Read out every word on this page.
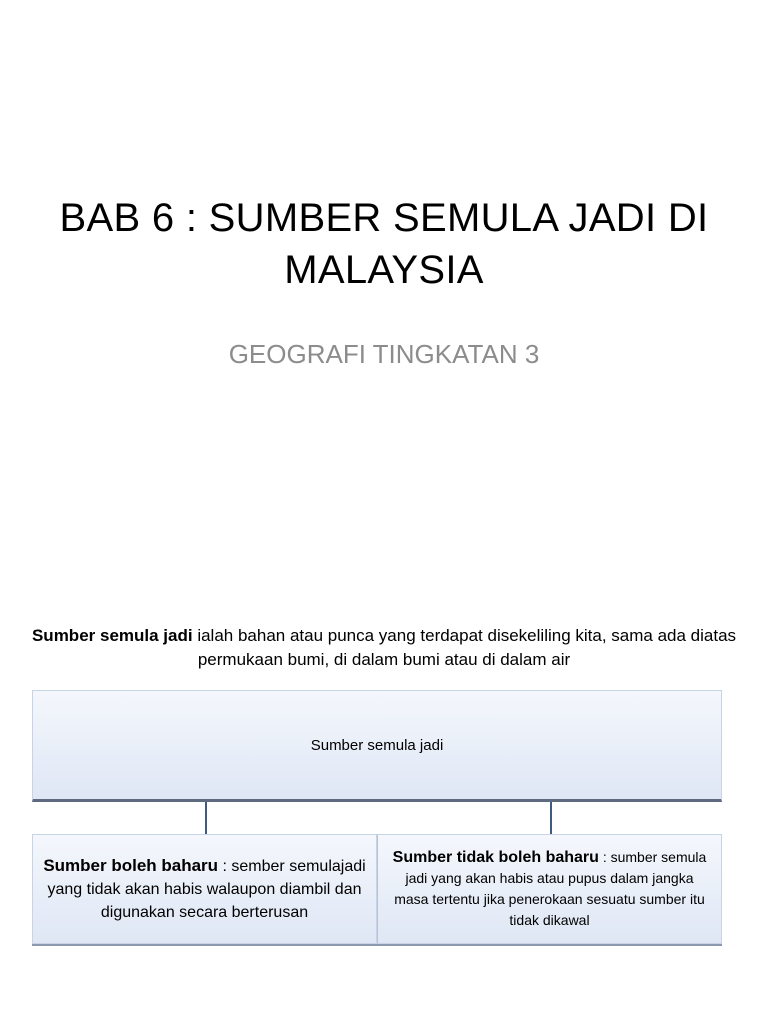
BAB 6 : SUMBER SEMULA JADI DI MALAYSIA
GEOGRAFI TINGKATAN 3
Sumber semula jadi ialah bahan atau punca yang terdapat disekeliling kita, sama ada diatas permukaan bumi, di dalam bumi atau di dalam air
Sumber semula jadi
Sumber boleh baharu : sember semulajadi yang tidak akan habis walaupon diambil dan digunakan secara berterusan
Sumber tidak boleh baharu : sumber semula jadi yang akan habis atau pupus dalam jangka masa tertentu jika penerokaan sesuatu sumber itu tidak dikawal
